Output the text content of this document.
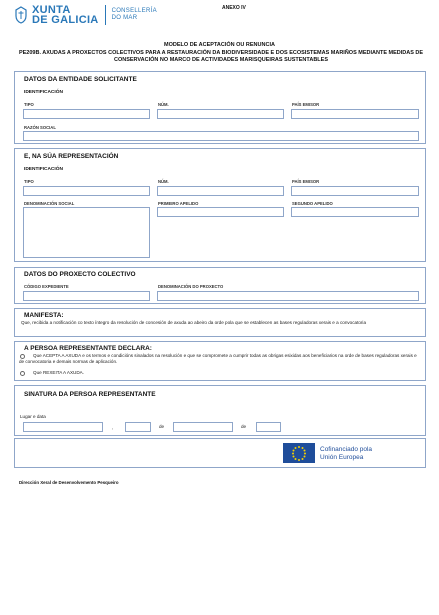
XUNTA
DE GALICIA
CONSELLERÍA
DO MAR
ANEXO IV
MODELO DE ACEPTACIÓN OU RENUNCIA
PE209B. AXUDAS A PROXECTOS COLECTIVOS PARA A RESTAURACIÓN DA BIODIVERSIDADE E DOS ECOSISTEMAS MARIÑOS MEDIANTE MEDIDAS DE CONSERVACIÓN NO MARCO DE ACTIVIDADES MARISQUEIRAS SUSTENTABLES
DATOS DA ENTIDADE SOLICITANTE
IDENTIFICACIÓN
TIPO	NÚM.	PAÍS EMISOR
RAZÓN SOCIAL
E, NA SÚA REPRESENTACIÓN
IDENTIFICACIÓN
TIPO	NÚM.	PAÍS EMISOR
DENOMINACIÓN SOCIAL	PRIMEIRO APELIDO	SEGUNDO APELIDO
DATOS DO PROXECTO COLECTIVO
CÓDIGO EXPEDIENTE	DENOMINACIÓN DO PROXECTO
MANIFESTA:
Que, recibida a notificación co texto íntegro da resolución de concesión de axuda ao abeiro da orde pola que se establecen as bases reguladoras xerais e a convocatoria
A PERSOA REPRESENTANTE DECLARA:
Que ACEPTA A AXUDA e os termos e condicións sinalados na resolución e que se compromete a cumprir todas as obrigas esixidas aos beneficiarios na orde de bases reguladoras xerais e de convocatoria e demais normas de aplicación.
Que REXEITA A AXUDA.
SINATURA DA PERSOA REPRESENTANTE
Lugar e data
,	de	de
Cofinanciado pola
Unión Europea
Dirección Xeral de Desenvolvemento Pesqueiro
